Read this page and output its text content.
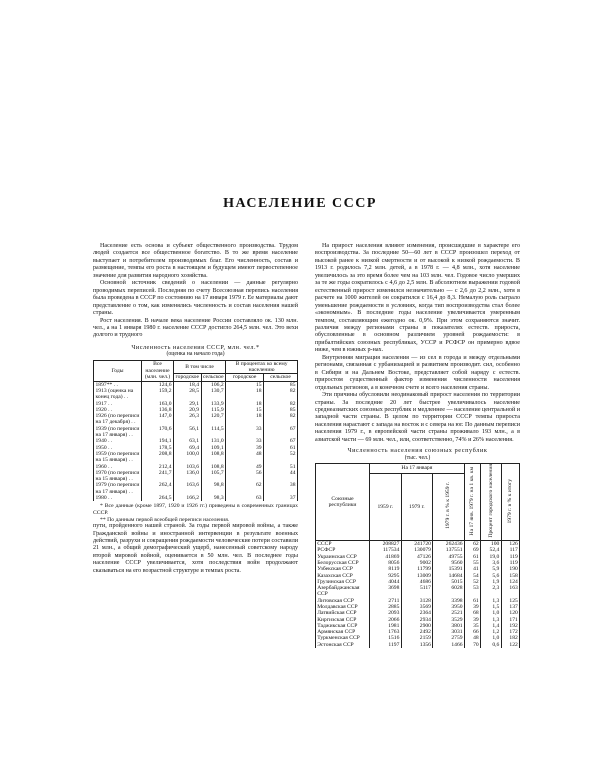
НАСЕЛЕНИЕ СССР

Население есть основа и субъект общественного производства. Трудом людей создается все общественное богатство. В то же время население выступает и потребителем производимых благ. Его численность, состав и размещение, темпы его роста в настоящем и будущем имеют первостепенное значение для развития народного хозяйства.

Основной источник сведений о населении — данные регулярно проводимых переписей. Последняя по счету Всесоюзная перепись населения была проведена в СССР по состоянию на 17 января 1979 г. Ее материалы дают представление о том, как изменялись численность и состав населения нашей страны.

Рост населения. В начале века население России составляло ок. 130 млн. чел., а на 1 января 1980 г. население СССР достигло 264,5 млн. чел. Это вехи долгого и трудного

Численность населения СССР, млн. чел.*
(оценка на начало года)
Годы	Все население (млн. чел.)	В том числе		В процентах ко всему населению	
		городское	сельское	городское	сельское
1897** . .	124,6	18,4	106,2	15	85
1913 (оценка на конец года) . .	159,2	28,5	130,7	18	82
1917 . .	163,0	29,1	133,9	18	82
1920 . .	136,8	20,9	115,9	15	85
1926 (по переписи на 17 декабря) . .	147,0	26,3	120,7	18	82
1939 (по переписи на 17 января) . .	170,6	56,1	114,5	33	67
1940 . .	194,1	63,1	131,0	33	67
1950 . .	178,5	69,4	109,1	39	61
1959 (по переписи на 15 января) . .	208,8	100,0	108,8	48	52
1960 . .	212,4	103,6	108,8	49	51
1970 (по переписи на 15 января) . .	241,7	136,0	105,7	56	44
1979 (по переписи на 17 января) . .	262,4	163,6	98,8	62	38
1980 . .	264,5	166,2	98,3	63	37
* Все данные (кроме 1897, 1920 и 1926 гг.) приведены в современных границах СССР.
** По данным первой всеобщей переписи населения.

пути, пройденного нашей страной. За годы первой мировой войны, а также Гражданской войны и иностранной интервенции в результате военных действий, разрухи и сокращения рождаемости человеческие потери составили 21 млн., а общий демографический ущерб, нанесенный советскому народу второй мировой войной, оценивается в 50 млн. чел. В последнее годы население СССР увеличивается, хотя последствия войн продолжают сказываться на его возрастной структуре и темпах роста.

На прирост населения влияют изменения, происшедшие в характере его воспроизводства. За последние 50—60 лет в СССР произошел переход от высокой ранее к низкой смертности и от высокой к низкой рождаемости. В 1913 г. родилось 7,2 млн. детей, а в 1978 г. — 4,8 млн., хотя население увеличилось за это время более чем на 103 млн. чел. Годовое число умерших за те же годы сократилось с 4,6 до 2,5 млн. В абсолютном выражении годовой естественный прирост изменился незначительно — с 2,6 до 2,2 млн., хотя в расчете на 1000 жителей он сократился с 16,4 до 8,3. Немалую роль сыграло уменьшение рождаемости в условиях, когда тип воспроизводства стал более «экономным». В последние годы население увеличивается умеренным темпом, составляющим ежегодно ок. 0,9%. При этом сохраняются значит. различия между регионами страны в показателях естеств. прироста, обусловленные в основном различием уровней рождаемости: в прибалтийских союзных республиках, УССР и РСФСР он примерно вдвое ниже, чем в южных р-нах.

Внутренняя миграция населения — из сел в города и между отдельными регионами, связанная с урбанизацией и развитием производит. сил, особенно в Сибири и на Дальнем Востоке, представляет собой наряду с естеств. приростом существенный фактор изменения численности населения отдельных регионов, а в конечном счете и всего населения страны.

Эти причины обусловили неодинаковый прирост населения по территории страны. За последние 20 лет быстрее увеличивалось население среднеазиатских союзных республик и медленнее — население центральной и западной части страны. В целом по территории СССР темпы прироста населения нарастают с запада на восток и с севера на юг. По данным переписи населения 1979 г., в европейской части страны проживало 193 млн., а в азиатской части — 69 млн. чел., или, соответственно, 74% и 26% населения.

Численность населения союзных республик
(тыс. чел.)
Союзные республики	На 17 января			На 17 янв. 1979 г. на 1 кв. км	Процент городского населения	1979 г. в % к итогу
	1959 г.	1979 г.	1979 г. в % к 1959 г.			
СССР	208827	241720	262436	62	100	126
РСФСР	117534	130079	137551	69	52,4	117
Украинская ССР	41869	47126	49755	61	19,0	119
Белорусская ССР	8056	9002	9560	55	3,6	119
Узбекская ССР	8119	11799	15391	41	5,9	190
Казахская ССР	9295	13009	14684	54	5,6	158
Грузинская ССР	4044	4686	5015	52	1,9	124
Азербайджанская ССР	3698	5117	6028	53	2,3	163
Литовская ССР	2711	3128	3398	61	1,3	125
Молдавская ССР	2885	3569	3950	39	1,5	137
Латвийская ССР	2093	2364	2521	68	1,0	120
Киргизская ССР	2066	2934	3529	39	1,3	171
Таджикская ССР	1981	2900	3801	35	1,4	192
Армянская ССР	1763	2492	3031	66	1,2	172
Туркменская ССР	1516	2159	2759	48	1,0	182
Эстонская ССР	1197	1356	1466	70	0,6	122
